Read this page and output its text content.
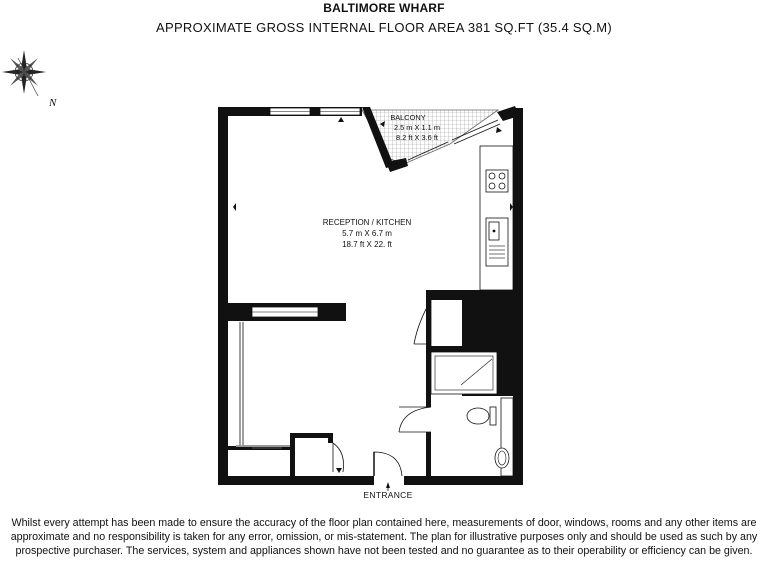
BALTIMORE WHARF
APPROXIMATE GROSS INTERNAL FLOOR AREA 381 SQ.FT (35.4 SQ.M)
N
RECEPTION / KITCHEN
5.7 m X 6.7 m
18.7 ft X 22. ft
BALCONY
2.5 m X 1.1 m
8.2 ft X 3.6 ft
ENTRANCE
Whilst every attempt has been made to ensure the accuracy of the floor plan contained here, measurements of door, windows, rooms and any other items are approximate and no responsibility is taken for any error, omission, or mis-statement. The plan for illustrative purposes only and should be used as such by any prospective purchaser. The services, system and appliances shown have not been tested and no guarantee as to their operability or efficiency can be given.
